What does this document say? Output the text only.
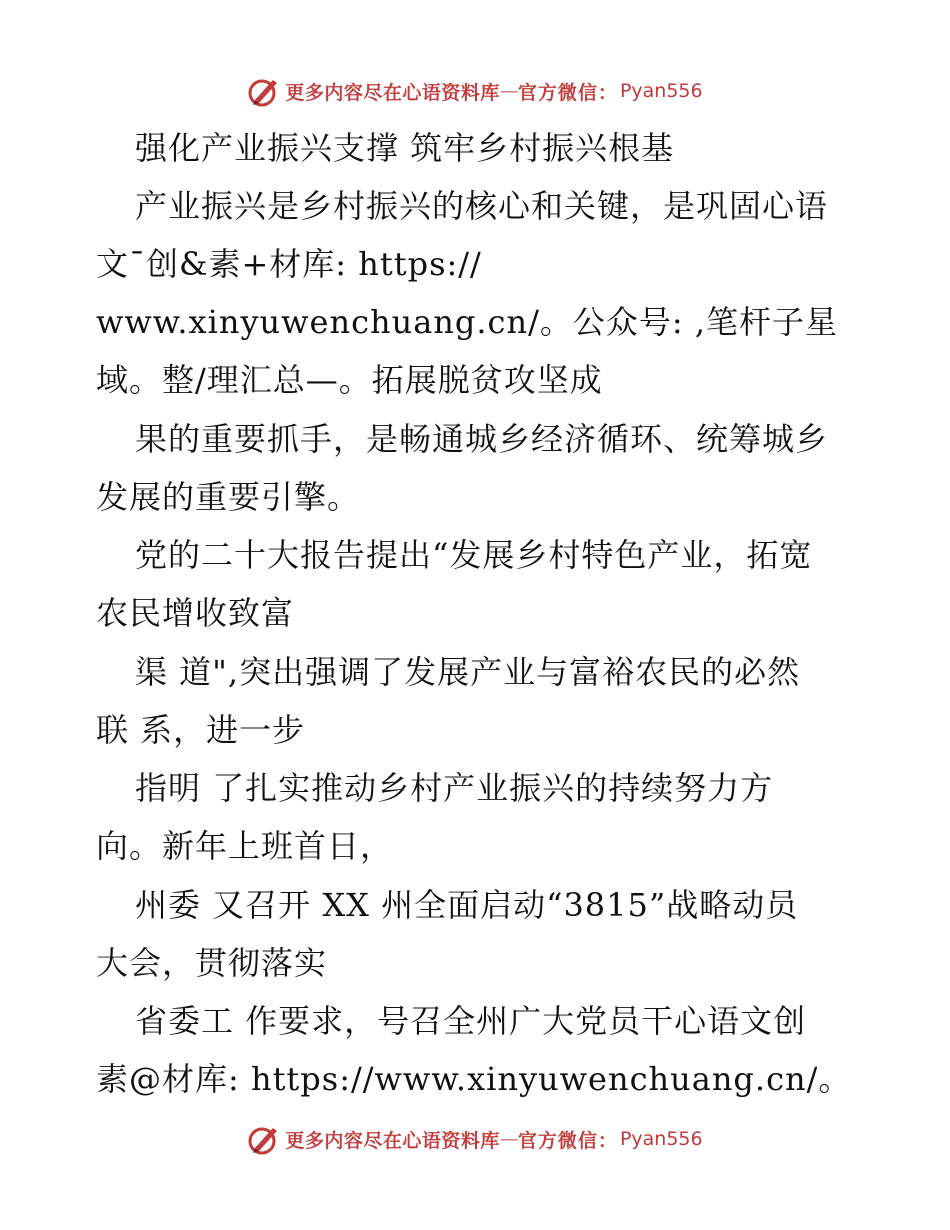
更多内容尽在心语资料库 — 官方微信 ： Pyan556
强化产业振兴支撑 筑牢乡村振兴根基
产业振兴是乡村振兴的核心和关键，是巩固心语
文¯创&素+材库: https://
www.xinyuwenchuang.cn/。公众号: ,笔杆子星
域。整/理汇总—。拓展脱贫攻坚成
果的重要抓手，是畅通城乡经济循环、统筹城乡
发展的重要引擎。
党的二十大报告提出“发展乡村特色产业，拓宽
农民增收致富
渠 道",突出强调了发展产业与富裕农民的必然
联 系，进一步
指明 了扎实推动乡村产业振兴的持续努力方
向。新年上班首日，
州委 又召开 XX 州全面启动“3815”战略动员
大会，贯彻落实
省委工 作要求，号召全州广大党员干心语文创
素@材库: https://www.xinyuwenchuang.cn/。
更多内容尽在心语资料库 — 官方微信 ： Pyan556
